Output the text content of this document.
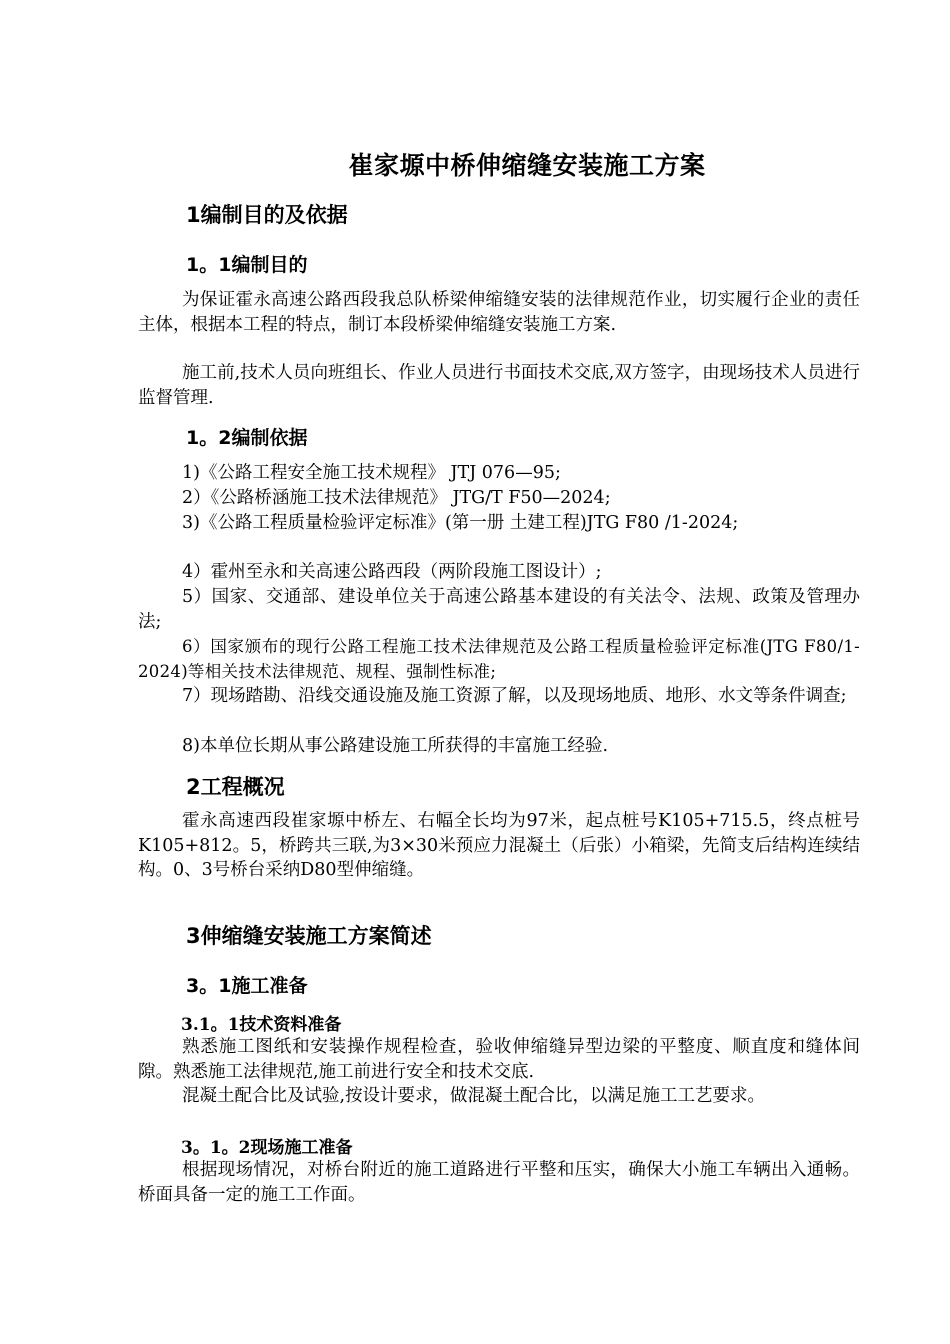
崔家塬中桥伸缩缝安装施工方案
1编制目的及依据
1。1编制目的
为保证霍永高速公路西段我总队桥梁伸缩缝安装的法律规范作业，切实履行企业的责任主体，根据本工程的特点，制订本段桥梁伸缩缝安装施工方案.
施工前,技术人员向班组长、作业人员进行书面技术交底,双方签字，由现场技术人员进行监督管理.
1。2编制依据
1)《公路工程安全施工技术规程》 JTJ 076—95;
2）《公路桥涵施工技术法律规范》 JTG/T F50—2024;
3)《公路工程质量检验评定标准》(第一册 土建工程)JTG F80 /1-2024;
4）霍州至永和关高速公路西段（两阶段施工图设计）;
5）国家、交通部、建设单位关于高速公路基本建设的有关法令、法规、政策及管理办法;
6）国家颁布的现行公路工程施工技术法律规范及公路工程质量检验评定标准(JTG F80/1-2024)等相关技术法律规范、规程、强制性标准;
7）现场踏勘、沿线交通设施及施工资源了解，以及现场地质、地形、水文等条件调查;
8)本单位长期从事公路建设施工所获得的丰富施工经验.
2工程概况
霍永高速西段崔家塬中桥左、右幅全长均为97米，起点桩号K105+715.5，终点桩号K105+812。5，桥跨共三联,为3×30米预应力混凝土（后张）小箱梁，先简支后结构连续结构。0、3号桥台采纳D80型伸缩缝。
3伸缩缝安装施工方案简述
3。1施工准备
3.1。1技术资料准备
熟悉施工图纸和安装操作规程检查，验收伸缩缝异型边梁的平整度、顺直度和缝体间隙。熟悉施工法律规范,施工前进行安全和技术交底.
混凝土配合比及试验,按设计要求，做混凝土配合比，以满足施工工艺要求。
3。1。2现场施工准备
根据现场情况，对桥台附近的施工道路进行平整和压实，确保大小施工车辆出入通畅。桥面具备一定的施工工作面。
